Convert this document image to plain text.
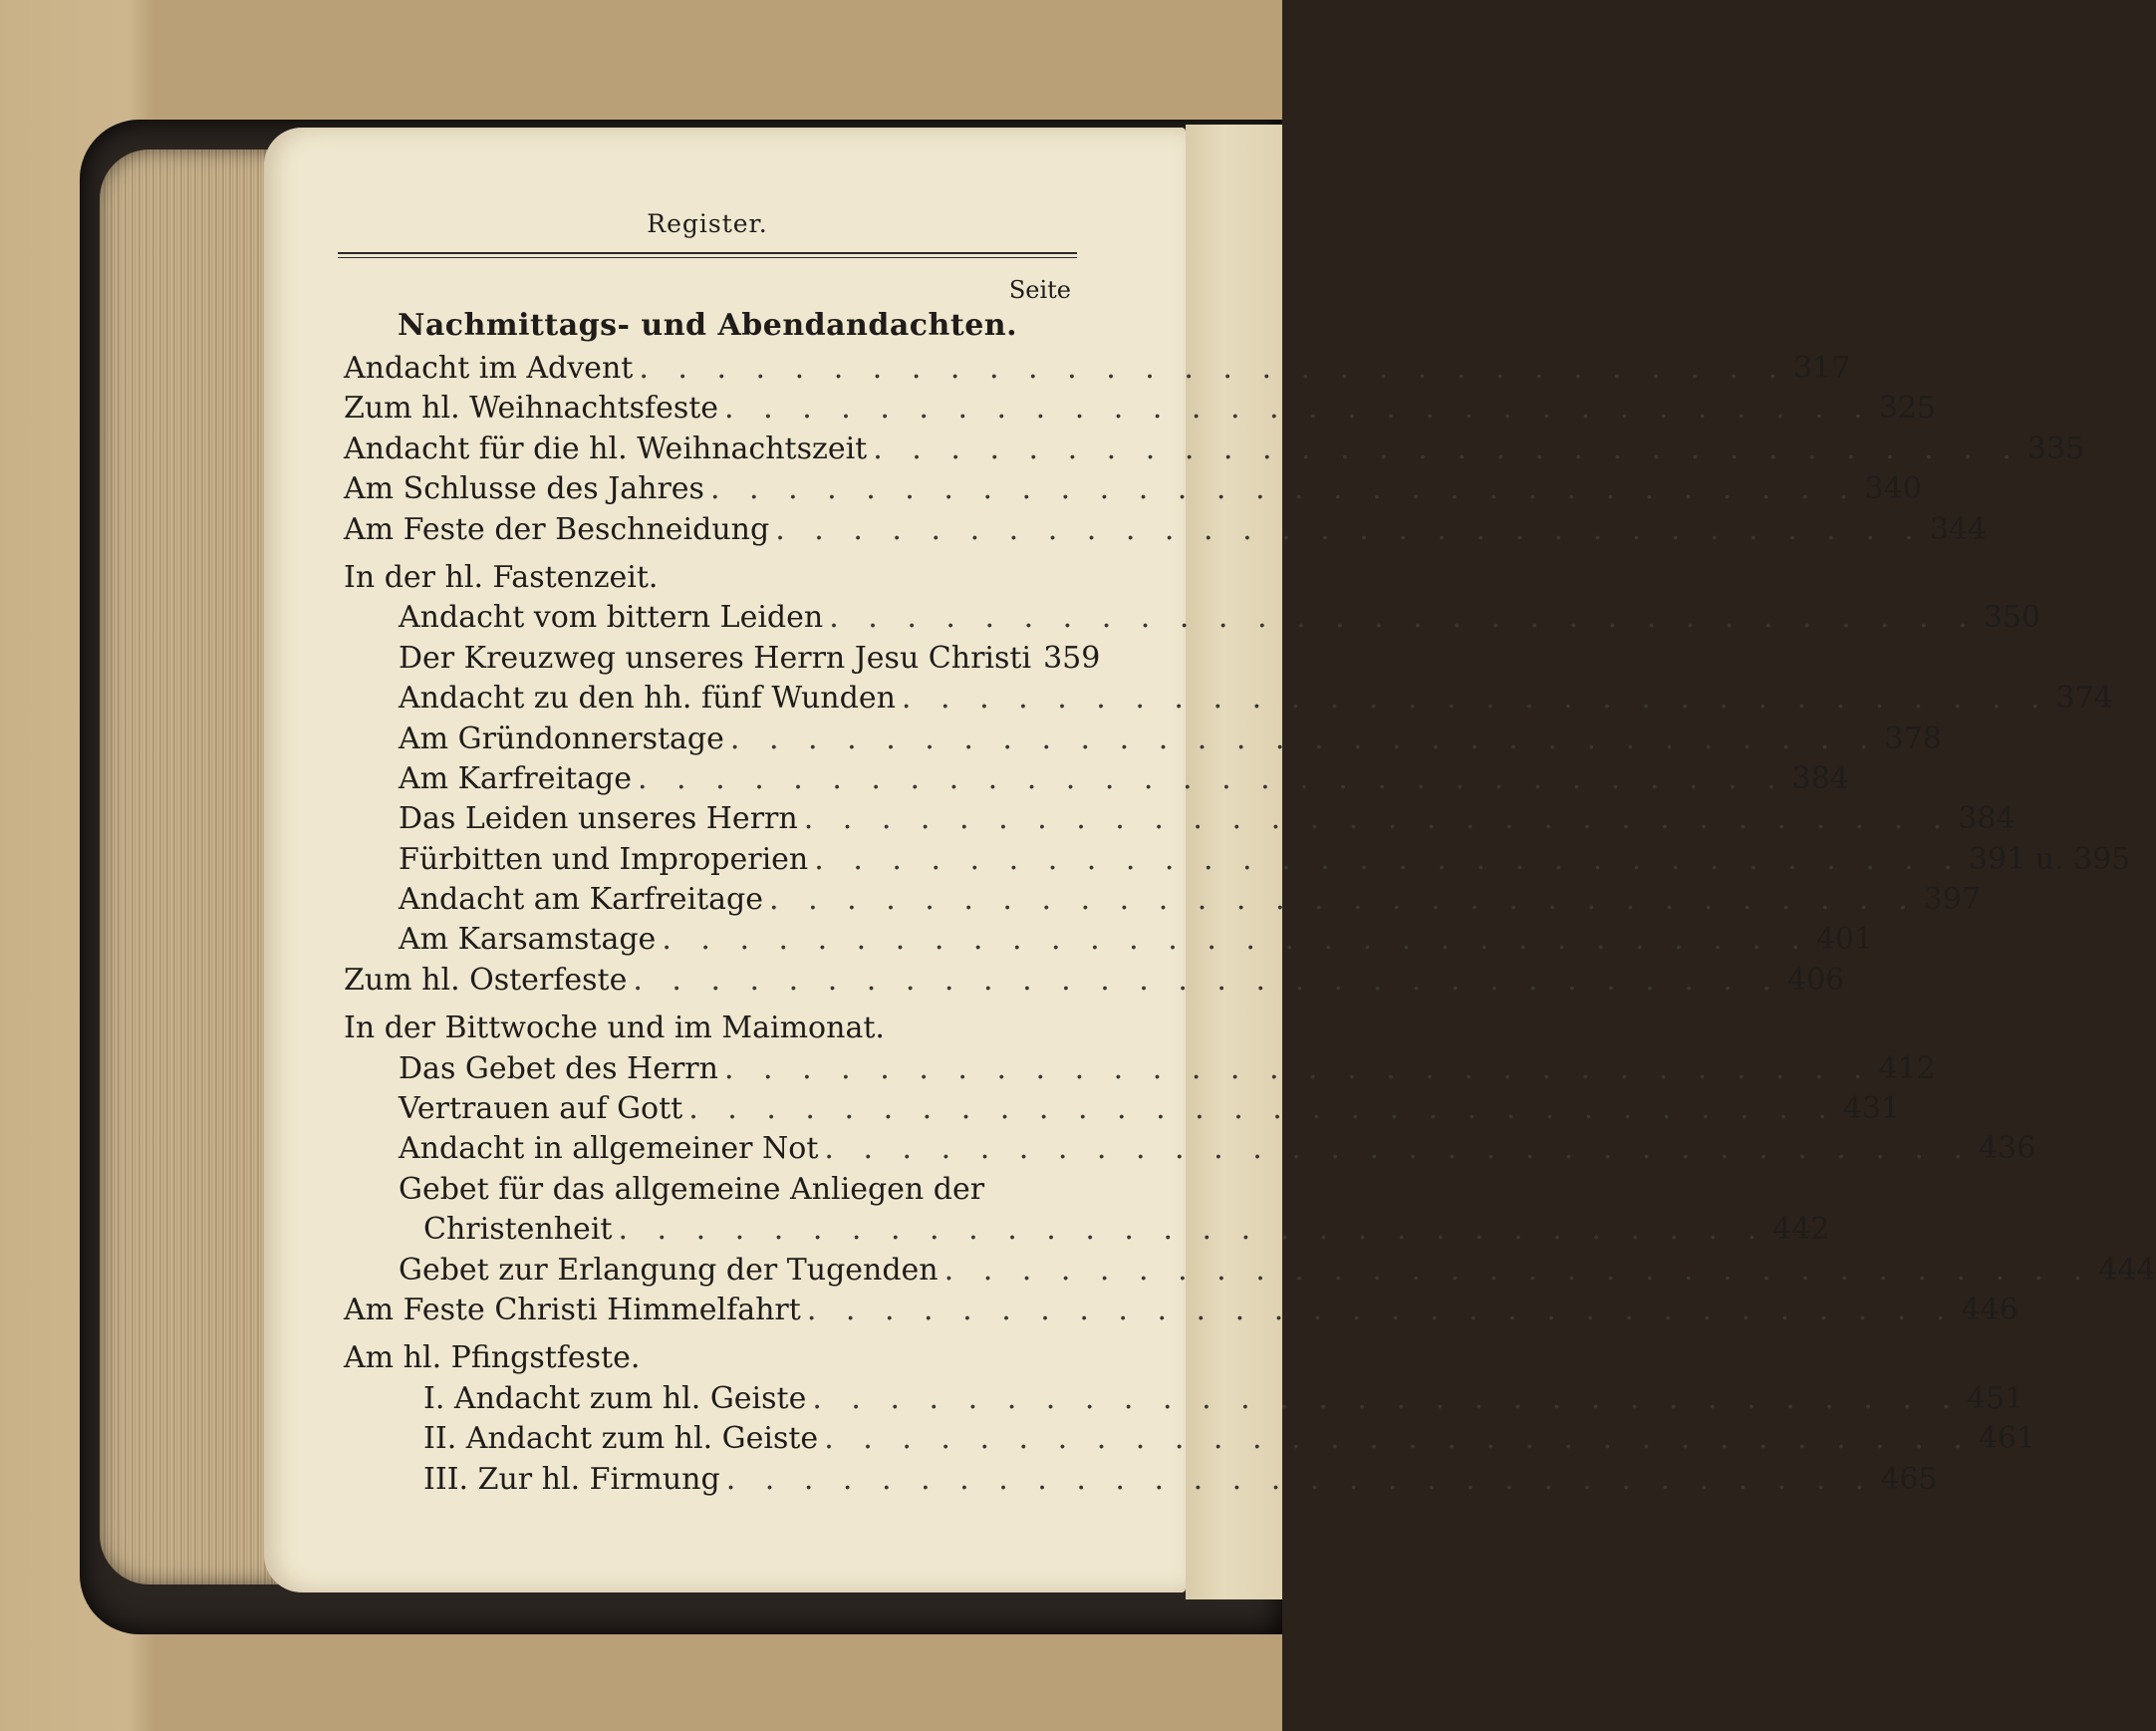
Register.
Seite
Nachmittags- und Abendandachten.
Andacht im Advent . . . . . . . . . . . . . . . . . . . . . . . . . . . . . . 317
Zum hl. Weihnachtsfeste . . . . . . . . . . . . . . . . . . . . . . . . . . . . . . 325
Andacht für die hl. Weihnachtszeit . . . . . . . . . . . . . . . . . . . . . . . . . . . . . . 335
Am Schlusse des Jahres . . . . . . . . . . . . . . . . . . . . . . . . . . . . . . 340
Am Feste der Beschneidung . . . . . . . . . . . . . . . . . . . . . . . . . . . . . . 344
In der hl. Fastenzeit.
Andacht vom bittern Leiden . . . . . . . . . . . . . . . . . . . . . . . . . . . . . . 350
Der Kreuzweg unseres Herrn Jesu Christi 359
Andacht zu den hh. fünf Wunden . . . . . . . . . . . . . . . . . . . . . . . . . . . . . . 374
Am Gründonnerstage . . . . . . . . . . . . . . . . . . . . . . . . . . . . . . 378
Am Karfreitage . . . . . . . . . . . . . . . . . . . . . . . . . . . . . . 384
Das Leiden unseres Herrn . . . . . . . . . . . . . . . . . . . . . . . . . . . . . . 384
Fürbitten und Improperien . . . . . . . . . . . . . . . . . . . . . . . . . . . . . . 391 u. 395
Andacht am Karfreitage . . . . . . . . . . . . . . . . . . . . . . . . . . . . . . 397
Am Karsamstage . . . . . . . . . . . . . . . . . . . . . . . . . . . . . . 401
Zum hl. Osterfeste . . . . . . . . . . . . . . . . . . . . . . . . . . . . . . 406
In der Bittwoche und im Maimonat.
Das Gebet des Herrn . . . . . . . . . . . . . . . . . . . . . . . . . . . . . . 412
Vertrauen auf Gott . . . . . . . . . . . . . . . . . . . . . . . . . . . . . . 431
Andacht in allgemeiner Not . . . . . . . . . . . . . . . . . . . . . . . . . . . . . . 436
Gebet für das allgemeine Anliegen der
Christenheit . . . . . . . . . . . . . . . . . . . . . . . . . . . . . . 442
Gebet zur Erlangung der Tugenden . . . . . . . . . . . . . . . . . . . . . . . . . . . . . . 444
Am Feste Christi Himmelfahrt . . . . . . . . . . . . . . . . . . . . . . . . . . . . . . 446
Am hl. Pfingstfeste.
I. Andacht zum hl. Geiste . . . . . . . . . . . . . . . . . . . . . . . . . . . . . . 451
II. Andacht zum hl. Geiste . . . . . . . . . . . . . . . . . . . . . . . . . . . . . . 461
III. Zur hl. Firmung . . . . . . . . . . . . . . . . . . . . . . . . . . . . . . 465
